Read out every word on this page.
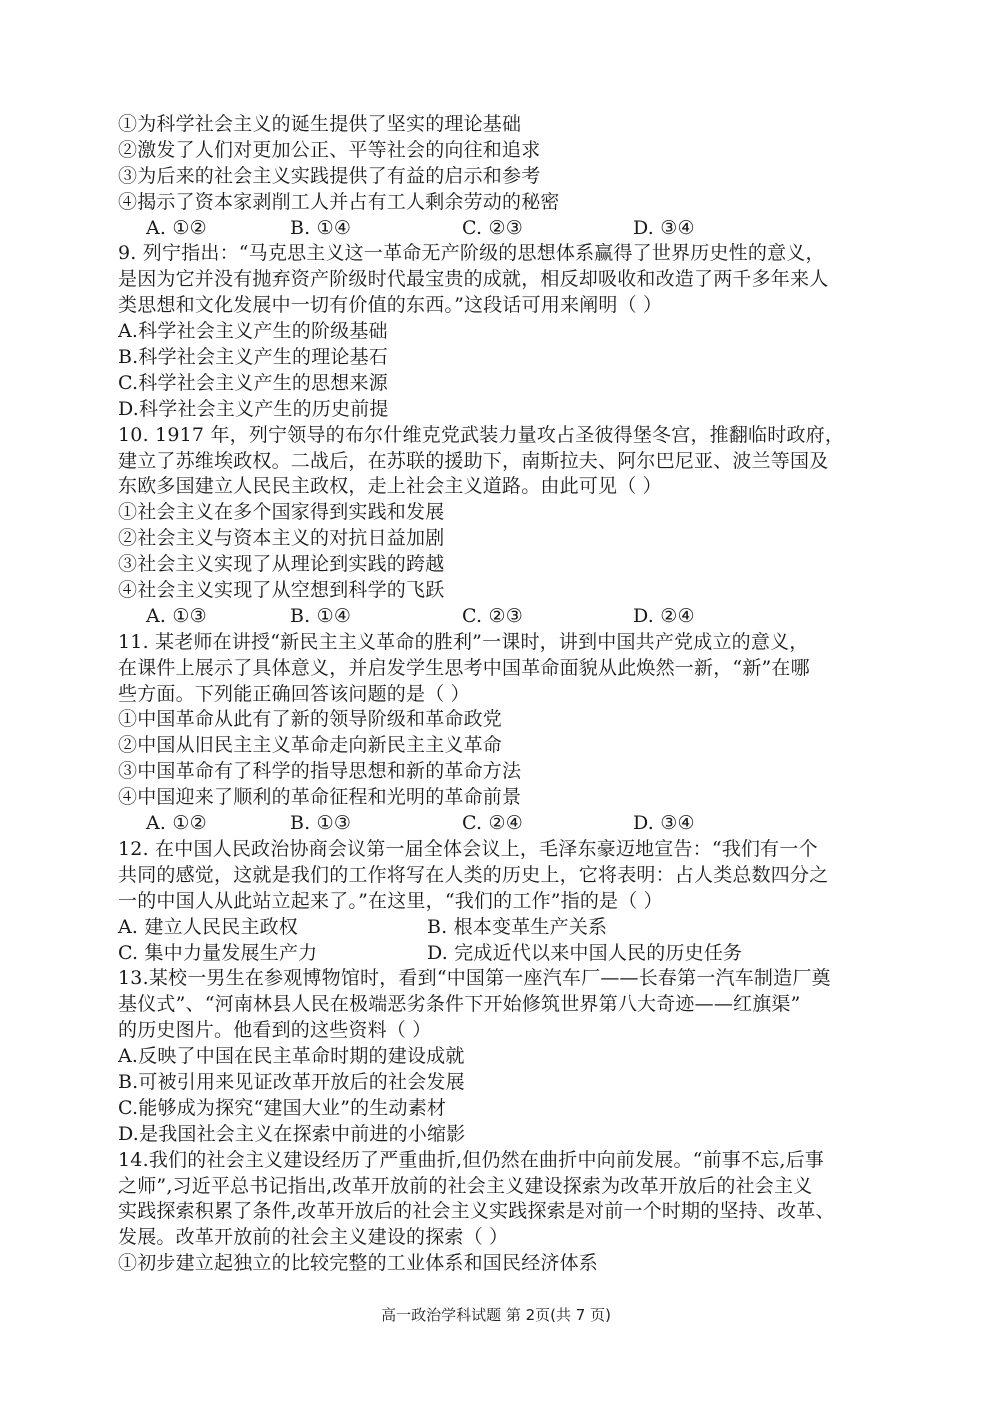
①为科学社会主义的诞生提供了坚实的理论基础
②激发了人们对更加公正、平等社会的向往和追求
③为后来的社会主义实践提供了有益的启示和参考
④揭示了资本家剥削工人并占有工人剩余劳动的秘密
A. ①②	B. ①④	C. ②③	D. ③④
9. 列宁指出：“马克思主义这一革命无产阶级的思想体系赢得了世界历史性的意义，
是因为它并没有抛弃资产阶级时代最宝贵的成就，相反却吸收和改造了两千多年来人
类思想和文化发展中一切有价值的东西。”这段话可用来阐明（ ）
A.科学社会主义产生的阶级基础
B.科学社会主义产生的理论基石
C.科学社会主义产生的思想来源
D.科学社会主义产生的历史前提
10. 1917 年，列宁领导的布尔什维克党武装力量攻占圣彼得堡冬宫，推翻临时政府，
建立了苏维埃政权。二战后，在苏联的援助下，南斯拉夫、阿尔巴尼亚、波兰等国及
东欧多国建立人民民主政权，走上社会主义道路。由此可见（ ）
①社会主义在多个国家得到实践和发展
②社会主义与资本主义的对抗日益加剧
③社会主义实现了从理论到实践的跨越
④社会主义实现了从空想到科学的飞跃
A. ①③	B. ①④	C. ②③	D. ②④
11. 某老师在讲授“新民主主义革命的胜利”一课时，讲到中国共产党成立的意义，
在课件上展示了具体意义，并启发学生思考中国革命面貌从此焕然一新，“新”在哪
些方面。下列能正确回答该问题的是（ ）
①中国革命从此有了新的领导阶级和革命政党
②中国从旧民主主义革命走向新民主主义革命
③中国革命有了科学的指导思想和新的革命方法
④中国迎来了顺利的革命征程和光明的革命前景
A. ①②	B. ①③	C. ②④	D. ③④
12. 在中国人民政治协商会议第一届全体会议上，毛泽东豪迈地宣告：“我们有一个
共同的感觉，这就是我们的工作将写在人类的历史上，它将表明：占人类总数四分之
一的中国人从此站立起来了。”在这里，“我们的工作”指的是（ ）
A. 建立人民民主政权	B. 根本变革生产关系
C. 集中力量发展生产力	D. 完成近代以来中国人民的历史任务
13.某校一男生在参观博物馆时，看到“中国第一座汽车厂——长春第一汽车制造厂奠
基仪式”、“河南林县人民在极端恶劣条件下开始修筑世界第八大奇迹——红旗渠”
的历史图片。他看到的这些资料（ ）
A.反映了中国在民主革命时期的建设成就
B.可被引用来见证改革开放后的社会发展
C.能够成为探究“建国大业”的生动素材
D.是我国社会主义在探索中前进的小缩影
14.我们的社会主义建设经历了严重曲折,但仍然在曲折中向前发展。“前事不忘,后事
之师”,习近平总书记指出,改革开放前的社会主义建设探索为改革开放后的社会主义
实践探索积累了条件,改革开放后的社会主义实践探索是对前一个时期的坚持、改革、
发展。改革开放前的社会主义建设的探索（ ）
①初步建立起独立的比较完整的工业体系和国民经济体系
高一政治学科试题 第 2页(共 7 页)
